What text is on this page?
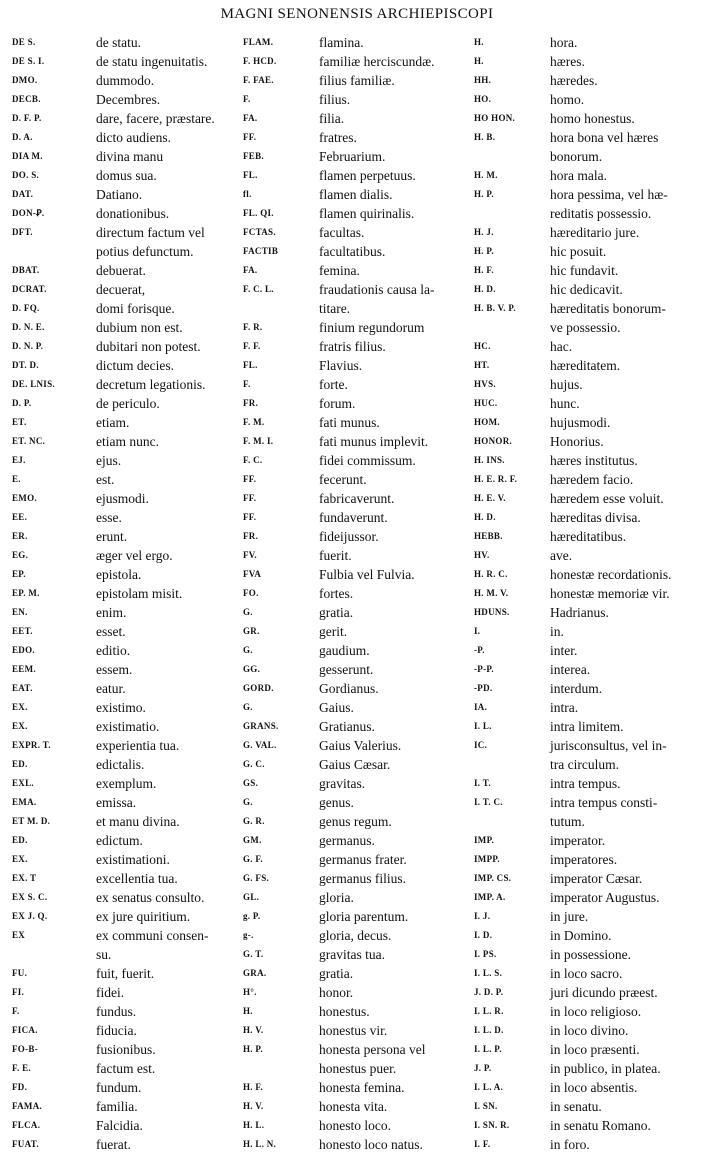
MAGNI SENONENSIS ARCHIEPISCOPI
DE S.	de statu.
DE S. I.	de statu ingenuitatis.
DMO.	dummodo.
DECB.	Decembres.
D. F. P.	dare, facere, præstare.
D. A.	dicto audiens.
DIA M.	divina manu
DO. S.	domus sua.
DAT.	Datiano.
DON-Ꝑ.	donationibus.
DFT.	directum factum vel
potius defunctum.
DBAT.	debuerat.
DCRAT.	decuerat,
D. FQ.	domi forisque.
D. N. E.	dubium non est.
D. N. P.	dubitari non potest.
DT. D.	dictum decies.
DE. LNIS.	decretum legationis.
D. P.	de periculo.
ET.	etiam.
ET. NC.	etiam nunc.
EJ.	ejus.
E.	est.
EMO.	ejusmodi.
EE.	esse.
ER.	erunt.
EG.	æger vel ergo.
EP.	epistola.
EP. M.	epistolam misit.
EN.	enim.
EET.	esset.
EDO.	editio.
EEM.	essem.
EAT.	eatur.
EX.	existimo.
EX.	existimatio.
EXPR. T.	experientia tua.
ED.	edictalis.
EXL.	exemplum.
EMA.	emissa.
ET M. D.	et manu divina.
ED.	edictum.
EX.	existimationi.
EX. T	excellentia tua.
EX S. C.	ex senatus consulto.
EX J. Q.	ex jure quiritium.
EX	ex communi consen-
su.
FU.	fuit, fuerit.
FI.	fidei.
F.	fundus.
FICA.	fiducia.
FO-B-	fusionibus.
F. E.	factum est.
FD.	fundum.
FAMA.	familia.
FLCA.	Falcidia.
FUAT.	fuerat.
FLAM.	flamina.
F. HCD.	familiæ herciscundæ.
F. FAE.	filius familiæ.
F.	filius.
FA.	filia.
FF.	fratres.
FEB.	Februarium.
FL.	flamen perpetuus.
fl.	flamen dialis.
FL. QI.	flamen quirinalis.
FCTAS.	facultas.
FACTIB	facultatibus.
FA.	femina.
F. C. L.	fraudationis causa la-
titare.
F. R.	finium regundorum
F. F.	fratris filius.
FL.	Flavius.
F.	forte.
FR.	forum.
F. M.	fati munus.
F. M. I.	fati munus implevit.
F. C.	fidei commissum.
FF.	fecerunt.
FF.	fabricaverunt.
FF.	fundaverunt.
FR.	fideijussor.
FV.	fuerit.
FVA	Fulbia vel Fulvia.
FO.	fortes.
G.	gratia.
GR.	gerit.
G.	gaudium.
GG.	gesserunt.
GORD.	Gordianus.
G.	Gaius.
GRANS.	Gratianus.
G. VAL.	Gaius Valerius.
G. C.	Gaius Cæsar.
GS.	gravitas.
G.	genus.
G. R.	genus regum.
GM.	germanus.
G. F.	germanus frater.
G. FS.	germanus filius.
GL.	gloria.
g. P.	gloria parentum.
g-.	gloria, decus.
G. T.	gravitas tua.
GRA.	gratia.
H°.	honor.
H.	honestus.
H. V.	honestus vir.
H. P.	honesta persona vel
honestus puer.
H. F.	honesta femina.
H. V.	honesta vita.
H. L.	honesto loco.
H. L. N.	honesto loco natus.
H.	hora.
H.	hæres.
HH.	hæredes.
HO.	homo.
HO HON.	homo honestus.
H. B.	hora bona vel hæres
bonorum.
H. M.	hora mala.
H. P.	hora pessima, vel hæ-
reditatis possessio.
H. J.	hæreditario jure.
H. P.	hic posuit.
H. F.	hic fundavit.
H. D.	hic dedicavit.
H. B. V. P.	hæreditatis bonorum-
ve possessio.
HC.	hac.
HT.	hæreditatem.
HVS.	hujus.
HUC.	hunc.
HOM.	hujusmodi.
HONOR.	Honorius.
H. INS.	hæres institutus.
H. E. R. F.	hæredem facio.
H. E. V.	hæredem esse voluit.
H. D.	hæreditas divisa.
HEBB.	hæreditatibus.
HV.	ave.
H. R. C.	honestæ recordationis.
H. M. V.	honestæ memoriæ vir.
HDUNS.	Hadrianus.
I.	in.
-P.	inter.
-P-P.	interea.
-PD.	interdum.
IA.	intra.
I. L.	intra limitem.
IC.	jurisconsultus, vel in-
tra circulum.
I. T.	intra tempus.
I. T. C.	intra tempus consti-
tutum.
IMP.	imperator.
IMPP.	imperatores.
IMP. CS.	imperator Cæsar.
IMP. A.	imperator Augustus.
I. J.	in jure.
I. D.	in Domino.
I. PS.	in possessione.
I. L. S.	in loco sacro.
J. D. P.	juri dicundo præest.
I. L. R.	in loco religioso.
I. L. D.	in loco divino.
I. L. P.	in loco præsenti.
J. P.	in publico, in platea.
I. L. A.	in loco absentis.
I. SN.	in senatu.
I. SN. R.	in senatu Romano.
I. F.	in foro.
